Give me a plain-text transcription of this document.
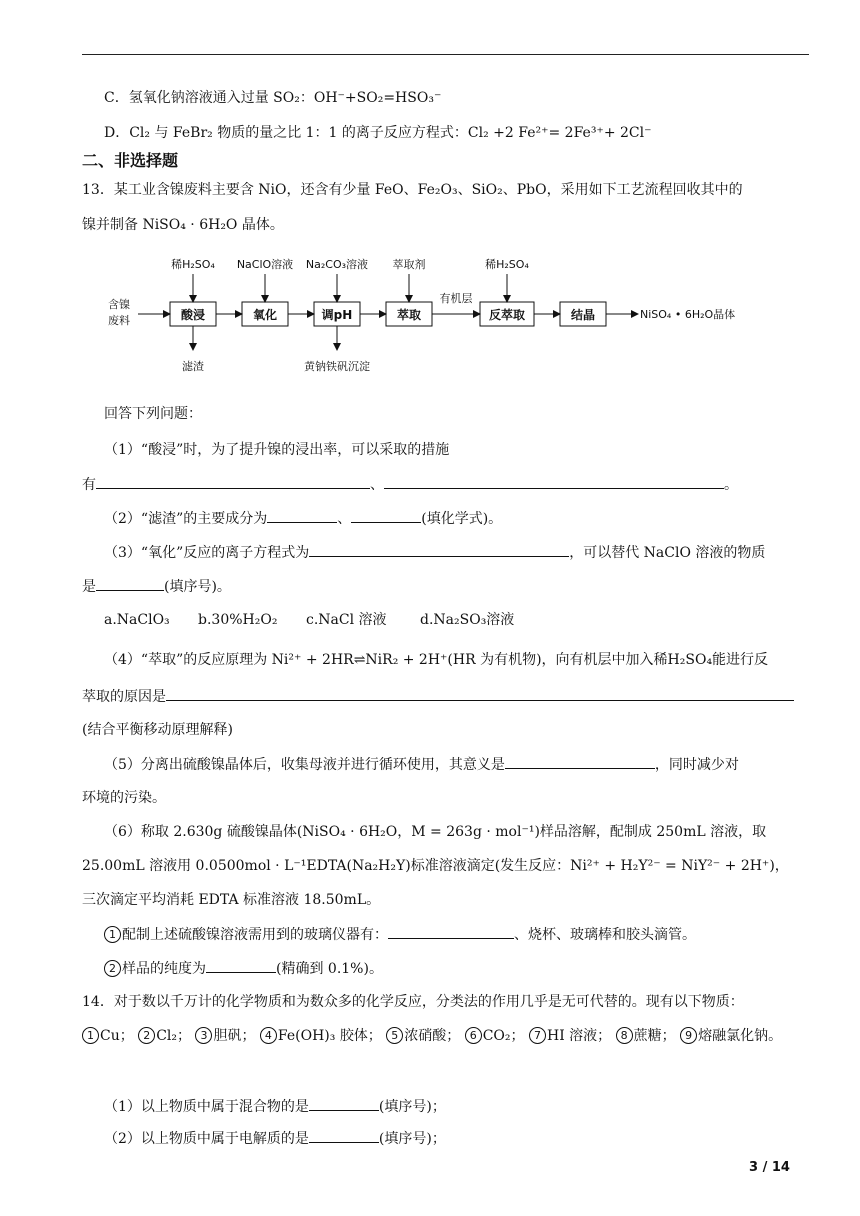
C．氢氧化钠溶液通入过量 SO₂：OH⁻+SO₂=HSO₃⁻
D．Cl₂ 与 FeBr₂ 物质的量之比 1：1 的离子反应方程式：Cl₂ +2 Fe²⁺= 2Fe³⁺+ 2Cl⁻
二、非选择题
13．某工业含镍废料主要含 NiO，还含有少量 FeO、Fe₂O₃、SiO₂、PbO，采用如下工艺流程回收其中的
镍并制备 NiSO₄ · 6H₂O 晶体。
含镍
废料	酸浸	氧化	调pH	萃取
有机层
反萃取	结晶	NiSO₄ • 6H₂O晶体
稀H₂SO₄ NaClO溶液 Na₂CO₃溶液 萃取剂	稀H₂SO₄
滤渣	黄钠铁矾沉淀
回答下列问题：
（1）“酸浸”时，为了提升镍的浸出率，可以采取的措施
有	、	。
（2）“滤渣”的主要成分为	、	(填化学式)。
（3）“氧化”反应的离子方程式为	，可以替代 NaClO 溶液的物质
是	(填序号)。
a.NaClO₃ b.30%H₂O₂ c.NaCl 溶液 d.Na₂SO₃溶液
（4）“萃取”的反应原理为 Ni²⁺ + 2HR⇌NiR₂ + 2H⁺(HR 为有机物)，向有机层中加入稀H₂SO₄能进行反
萃取的原因是
(结合平衡移动原理解释)
（5）分离出硫酸镍晶体后，收集母液并进行循环使用，其意义是	，同时减少对
环境的污染。
（6）称取 2.630g 硫酸镍晶体(NiSO₄ · 6H₂O，M = 263g · mol⁻¹)样品溶解，配制成 250mL 溶液，取
25.00mL 溶液用 0.0500mol · L⁻¹EDTA(Na₂H₂Y)标准溶液滴定(发生反应：Ni²⁺ + H₂Y²⁻ = NiY²⁻ + 2H⁺)，
三次滴定平均消耗 EDTA 标准溶液 18.50mL。
1 配制上述硫酸镍溶液需用到的玻璃仪器有：	、烧杯、玻璃棒和胶头滴管。
2 样品的纯度为	(精确到 0.1%)。
14．对于数以千万计的化学物质和为数众多的化学反应，分类法的作用几乎是无可代替的。现有以下物质：
1 Cu； 2 Cl₂； 3 胆矾； 4 Fe(OH)₃ 胶体； 5 浓硝酸； 6 CO₂； 7 HI 溶液； 8 蔗糖； 9 熔融氯化钠。
（1）以上物质中属于混合物的是	(填序号)；
（2）以上物质中属于电解质的是	(填序号)；
3 / 14
